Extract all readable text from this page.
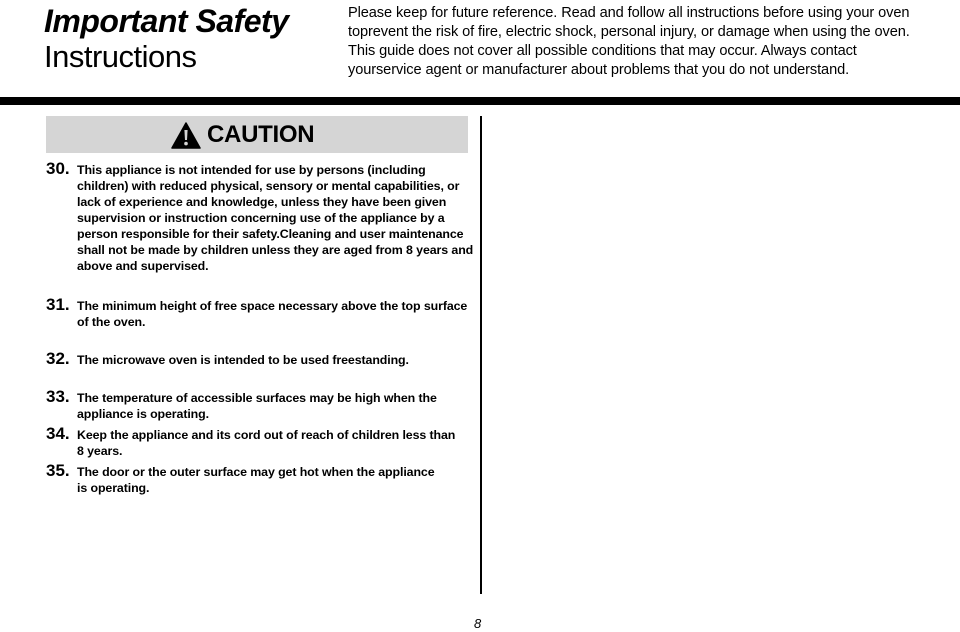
Important Safety
Instructions
Please keep for future reference. Read and follow all instructions before using your oven toprevent the risk of fire, electric shock, personal injury, or damage when using the oven. This guide does not cover all possible conditions that may occur. Always contact yourservice agent or manufacturer about problems that you do not understand.
CAUTION
30. This appliance is not intended for use by persons (including children) with reduced physical, sensory or mental capabilities, or lack of experience and knowledge, unless they have been given supervision or instruction concerning use of the appliance by a person responsible for their safety.Cleaning and user maintenance shall not be made by children unless they are aged from 8 years and above and supervised.
31. The minimum height of free space necessary above the top surface of the oven.
32. The microwave oven is intended to be used freestanding.
33. The temperature of accessible surfaces may be high when the appliance is operating.
34. Keep the appliance and its cord out of reach of children less than 8 years.
35. The door or the outer surface may get hot when the appliance is operating.
8
